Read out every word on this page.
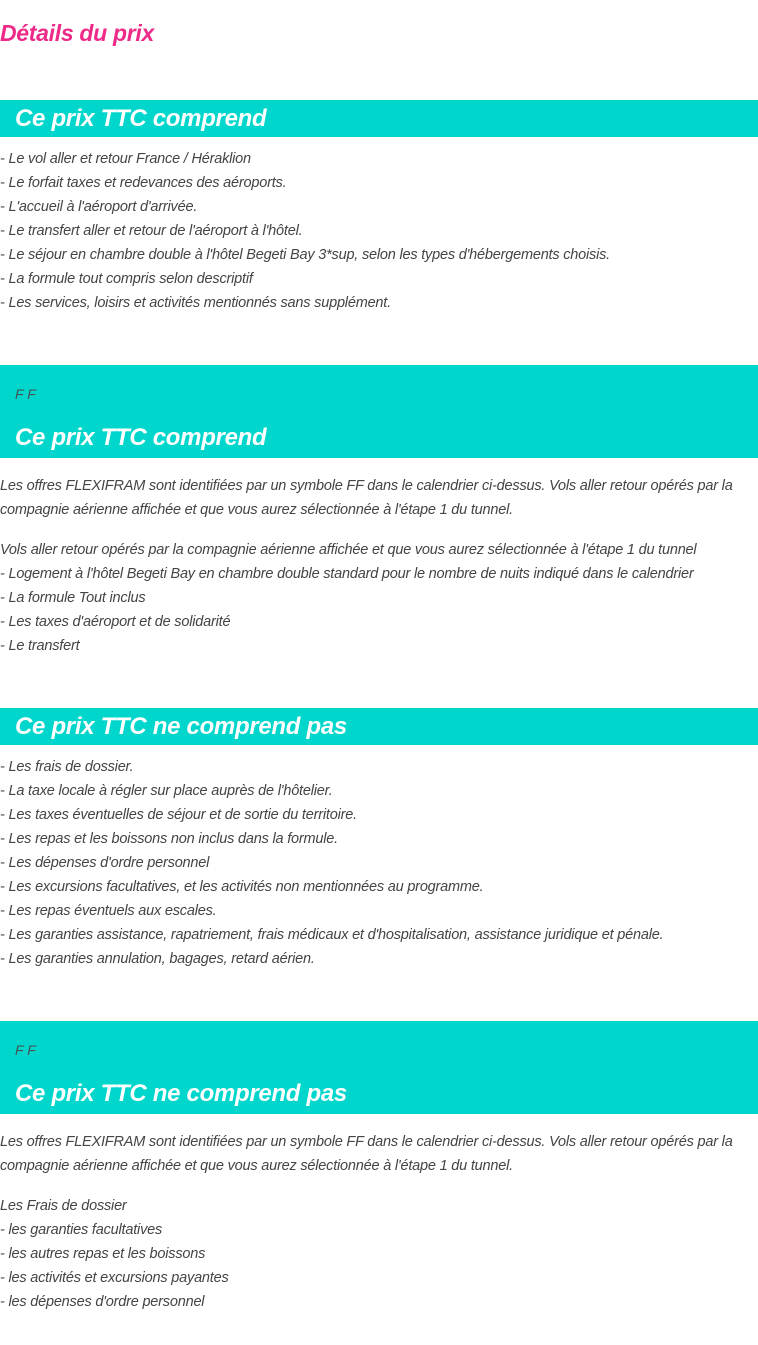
Détails du prix
Ce prix TTC comprend
- Le vol aller et retour France / Héraklion
- Le forfait taxes et redevances des aéroports.
- L'accueil à l'aéroport d'arrivée.
- Le transfert aller et retour de l'aéroport à l'hôtel.
- Le séjour en chambre double à l'hôtel Begeti Bay 3*sup, selon les types d'hébergements choisis.
- La formule tout compris selon descriptif
- Les services, loisirs et activités mentionnés sans supplément.
F F
Ce prix TTC comprend

Les offres FLEXIFRAM sont identifiées par un symbole FF dans le calendrier ci-dessus. Vols aller retour opérés par la compagnie aérienne affichée et que vous aurez sélectionnée à l'étape 1 du tunnel.

Vols aller retour opérés par la compagnie aérienne affichée et que vous aurez sélectionnée à l'étape 1 du tunnel
- Logement à l'hôtel Begeti Bay en chambre double standard pour le nombre de nuits indiqué dans le calendrier
- La formule Tout inclus
- Les taxes d'aéroport et de solidarité
- Le transfert
Ce prix TTC ne comprend pas
- Les frais de dossier.
- La taxe locale à régler sur place auprès de l'hôtelier.
- Les taxes éventuelles de séjour et de sortie du territoire.
- Les repas et les boissons non inclus dans la formule.
- Les dépenses d'ordre personnel
- Les excursions facultatives, et les activités non mentionnées au programme.
- Les repas éventuels aux escales.
- Les garanties assistance, rapatriement, frais médicaux et d'hospitalisation, assistance juridique et pénale.
- Les garanties annulation, bagages, retard aérien.
F F
Ce prix TTC ne comprend pas

Les offres FLEXIFRAM sont identifiées par un symbole FF dans le calendrier ci-dessus. Vols aller retour opérés par la compagnie aérienne affichée et que vous aurez sélectionnée à l'étape 1 du tunnel.

Les Frais de dossier
- les garanties facultatives
- les autres repas et les boissons
- les activités et excursions payantes
- les dépenses d'ordre personnel
